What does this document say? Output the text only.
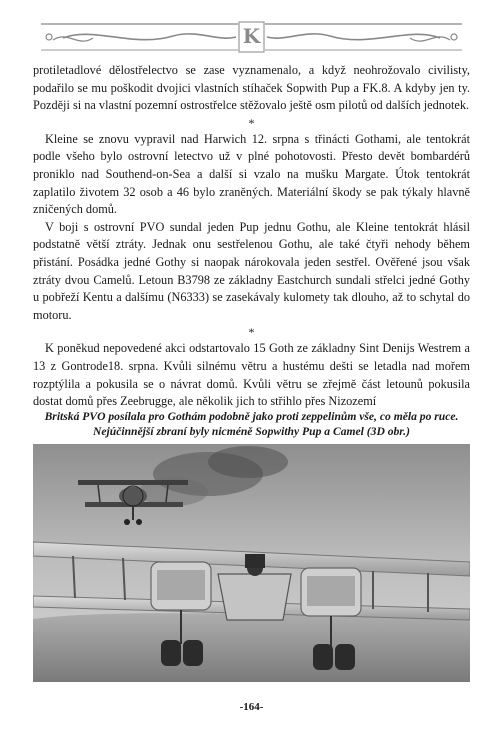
K

protiletadlové dělostřelectvo se zase vyznamenalo, a když neohrožovalo civilisty, podařilo se mu poškodit dvojici vlastních stíhaček Sopwith Pup a FK.8. A kdyby jen ty. Později si na vlastní pozemní ostrostřelce stěžovalo ještě osm pilotů od dalších jednotek.

*

Kleine se znovu vypravil nad Harwich 12. srpna s třinácti Gothami, ale tentokrát podle všeho bylo ostrovní letectvo už v plné pohotovosti. Přesto devět bombardérů proniklo nad Southend-on-Sea a další si vzalo na mušku Margate. Útok tentokrát zaplatilo životem 32 osob a 46 bylo zraněných. Materiální škody se pak týkaly hlavně zničených domů.

V boji s ostrovní PVO sundal jeden Pup jednu Gothu, ale Kleine tentokrát hlásil podstatně větší ztráty. Jednak onu sestřelenou Gothu, ale také čtyři nehody během přistání. Posádka jedné Gothy si naopak nárokovala jeden sestřel. Ověřené jsou však ztráty dvou Camelů. Letoun B3798 ze základny Eastchurch sundali střelci jedné Gothy u pobřeží Kentu a dalšímu (N6333) se zasekávaly kulomety tak dlouho, až to schytal do motoru.

*

K poněkud nepovedené akci odstartovalo 15 Goth ze základny Sint Denijs Westrem a 13 z Gontrode18. srpna. Kvůli silnému větru a hustému dešti se letadla nad mořem rozptýlila a pokusila se o návrat domů. Kvůli větru se zřejmě část letounů pokusila dostat domů přes Zeebrugge, ale několik jich to střihlo přes Nizozemí

Britská PVO posílala pro Gothám podobně jako proti zeppelinům vše, co měla po ruce. Nejúčinnější zbraní byly nicméně Sopwithy Pup a Camel (3D obr.)
-164-
